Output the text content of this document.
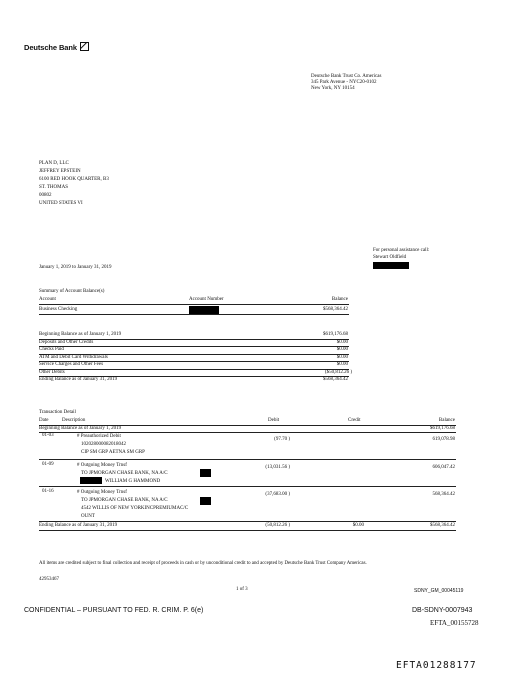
Deutsche Bank
Deutsche Bank Trust Co. Americas
345 Park Avenue - NYC20-0102
New York, NY 10154
PLAN D, LLC
JEFFREY EPSTEIN
6100 RED HOOK QUARTER, B3
ST. THOMAS
00802
UNITED STATES VI
For personal assistance call:
Stewart Oldfield
January 1, 2019 to January 31, 2019
Summary of Account Balance(s)
Account	Account Number	Balance
Business Checking	$568,364.42
Beginning Balance as of January 1, 2019	$619,176.68
Deposits and Other Credits	$0.00
Checks Paid	$0.00
ATM and Debit Card Withdrawals	$0.00
Service Charges and Other Fees	$0.00
Other Debits	($50,812.26 )
Ending Balance as of January 31, 2019	$568,364.42
Transaction Detail
Date	Description	Debit	Credit	Balance
Beginning Balance as of January 1, 2019	$619,176.68
01-03	# Preauthorized Debit
102028000082018042
CIP SM GRP AETNA SM GRP
(97.70 )	619,078.98
01-09	# Outgoing Money Trnsf
TO JPMORGAN CHASE BANK, NA A/C
WILLIAM G HAMMOND
(13,031.56 )	606,047.42
01-16	# Outgoing Money Trnsf
TO JPMORGAN CHASE BANK, NA A/C
4542 WILLIS OF NEW YORKINCPREMIUMAC/C
OUNT
(37,683.00 )	568,364.42
Ending Balance as of January 31, 2019	(50,812.26 )	$0.00	$568,364.42
All items are credited subject to final collection and receipt of proceeds in cash or by unconditional credit to and accepted by Deutsche Bank Trust Company Americas.
42953467
1 of 3	SDNY_GM_00045119
CONFIDENTIAL – PURSUANT TO FED. R. CRIM. P. 6(e)	DB-SDNY-0007943
EFTA_00155728
EFTA01288177
